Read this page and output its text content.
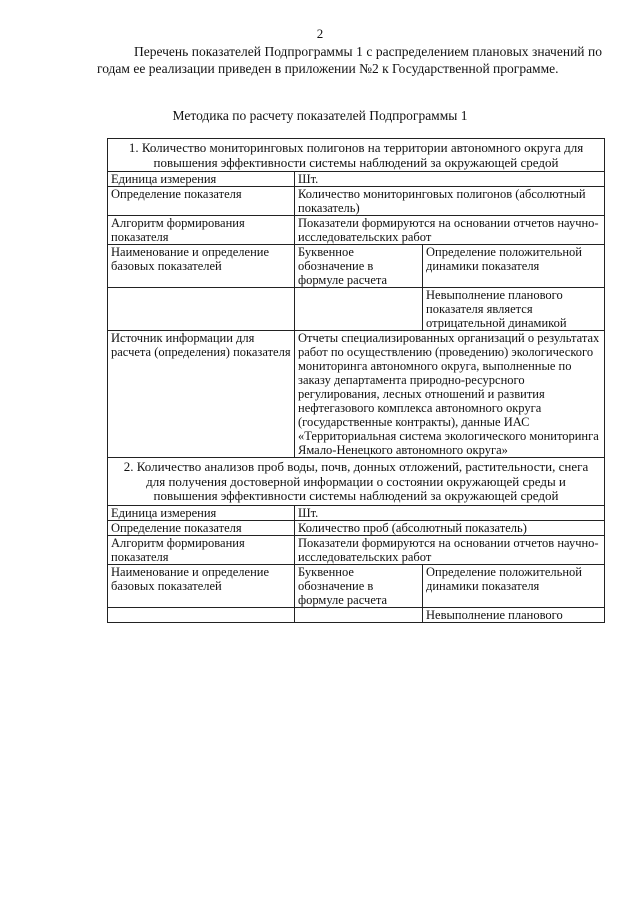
2

Перечень показателей Подпрограммы 1 с распределением плановых значений по годам ее реализации приведен в приложении №2 к Государственной программе.

Методика по расчету показателей Подпрограммы 1
1. Количество мониторинговых полигонов на территории автономного округа для повышения эффективности системы наблюдений за окружающей средой		
Единица измерения	Шт.	
Определение показателя	Количество мониторинговых полигонов (абсолютный показатель)	
Алгоритм формирования показателя	Показатели формируются на основании отчетов научно-исследовательских работ	
Наименование и определение базовых показателей	Буквенное обозначение в формуле расчета	Определение положительной динамики показателя
		Невыполнение планового показателя является отрицательной динамикой
Источник информации для расчета (определения) показателя	Отчеты специализированных организаций о результатах работ по осуществлению (проведению) экологического мониторинга автономного округа, выполненные по заказу департамента природно-ресурсного регулирования, лесных отношений и развития нефтегазового комплекса автономного округа (государственные контракты), данные ИАС «Территориальная система экологического мониторинга Ямало-Ненецкого автономного округа»	
2. Количество анализов проб воды, почв, донных отложений, растительности, снега для получения достоверной информации о состоянии окружающей среды и повышения эффективности системы наблюдений за окружающей средой		
Единица измерения	Шт.	
Определение показателя	Количество проб (абсолютный показатель)	
Алгоритм формирования показателя	Показатели формируются на основании отчетов научно-исследовательских работ	
Наименование и определение базовых показателей	Буквенное обозначение в формуле расчета	Определение положительной динамики показателя
		Невыполнение планового
